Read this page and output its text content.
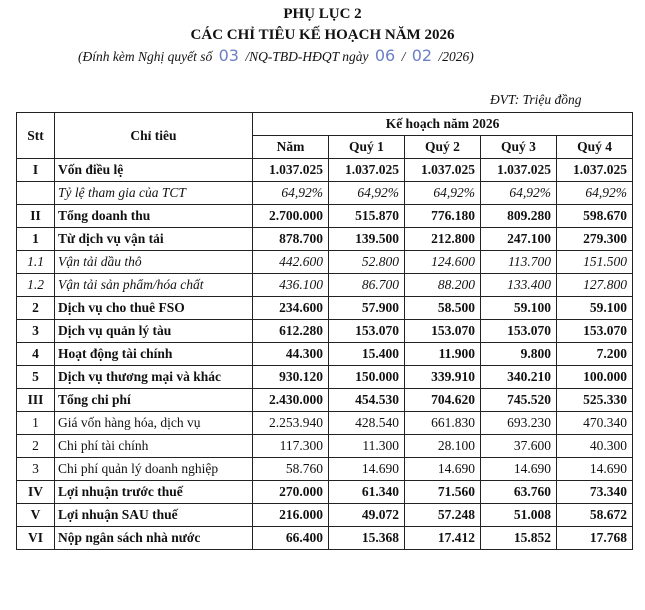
PHỤ LỤC 2
CÁC CHỈ TIÊU KẾ HOẠCH NĂM 2026
(Đính kèm Nghị quyết số 03 /NQ-TBD-HĐQT ngày 06 / 02 /2026)
ĐVT: Triệu đồng
Stt	Chỉ tiêu	Kế hoạch năm 2026				
		Năm	Quý 1	Quý 2	Quý 3	Quý 4
I	Vốn điều lệ	1.037.025	1.037.025	1.037.025	1.037.025	1.037.025
	Tỷ lệ tham gia của TCT	64,92%	64,92%	64,92%	64,92%	64,92%
II	Tổng doanh thu	2.700.000	515.870	776.180	809.280	598.670
1	Từ dịch vụ vận tải	878.700	139.500	212.800	247.100	279.300
1.1	Vận tải dầu thô	442.600	52.800	124.600	113.700	151.500
1.2	Vận tải sản phẩm/hóa chất	436.100	86.700	88.200	133.400	127.800
2	Dịch vụ cho thuê FSO	234.600	57.900	58.500	59.100	59.100
3	Dịch vụ quản lý tàu	612.280	153.070	153.070	153.070	153.070
4	Hoạt động tài chính	44.300	15.400	11.900	9.800	7.200
5	Dịch vụ thương mại và khác	930.120	150.000	339.910	340.210	100.000
III	Tổng chi phí	2.430.000	454.530	704.620	745.520	525.330
1	Giá vốn hàng hóa, dịch vụ	2.253.940	428.540	661.830	693.230	470.340
2	Chi phí tài chính	117.300	11.300	28.100	37.600	40.300
3	Chi phí quản lý doanh nghiệp	58.760	14.690	14.690	14.690	14.690
IV	Lợi nhuận trước thuế	270.000	61.340	71.560	63.760	73.340
V	Lợi nhuận SAU thuế	216.000	49.072	57.248	51.008	58.672
VI	Nộp ngân sách nhà nước	66.400	15.368	17.412	15.852	17.768
